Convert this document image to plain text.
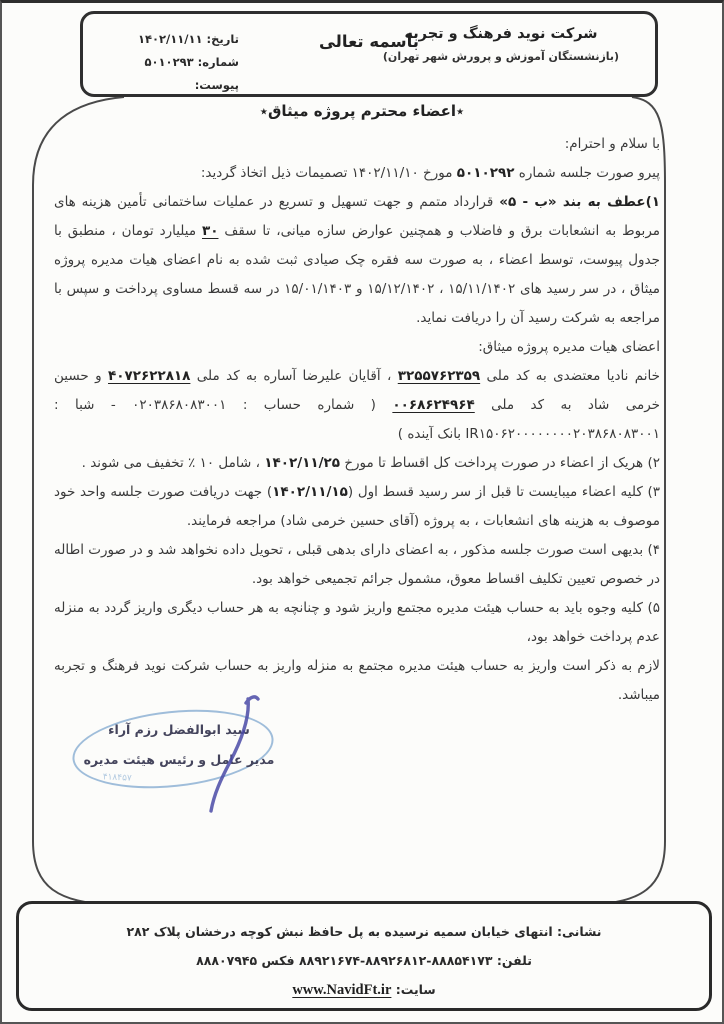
شرکت نوید فرهنگ و تجربه
(بازنشستگان آموزش و پرورش شهر تهران)
باسمه تعالی
تاریخ: ۱۴۰۲/۱۱/۱۱
شماره: ۵۰۱۰۲۹۳
پیوست:
٭اعضاء محترم پروژه میثاق٭

با سلام و احترام:

پیرو صورت جلسه شماره ۵۰۱۰۲۹۲ مورخ ۱۴۰۲/۱۱/۱۰ تصمیمات ذیل اتخاذ گردید:

۱)عطف به بند «ب - ۵» قرارداد متمم و جهت تسهیل و تسریع در عملیات ساختمانی تأمین هزینه های مربوط به انشعابات برق و فاضلاب و همچنین عوارض سازه میانی، تا سقف ۳۰ میلیارد تومان ، منطبق با جدول پیوست، توسط اعضاء ، به صورت سه فقره چک صیادی ثبت شده به نام اعضای هیات مدیره پروژه میثاق ، در سر رسید های ۱۵/۱۱/۱۴۰۲ ، ۱۵/۱۲/۱۴۰۲ و ۱۵/۰۱/۱۴۰۳ در سه قسط مساوی پرداخت و سپس با مراجعه به شرکت رسید آن را دریافت نماید.

اعضای هیات مدیره پروژه میثاق:

خانم نادیا معتضدی به کد ملی ۳۲۵۵۷۶۲۳۵۹ ، آقایان علیرضا آساره به کد ملی ۴۰۷۲۶۲۲۸۱۸ و حسین خرمی شاد به کد ملی ۰۰۶۸۶۲۴۹۶۴ ( شماره حساب : ۰۲۰۳۸۶۸۰۸۳۰۰۱ - شبا : IR۱۵۰۶۲۰۰۰۰۰۰۰۰۲۰۳۸۶۸۰۸۳۰۰۱ بانک آینده )

۲) هریک از اعضاء در صورت پرداخت کل اقساط تا مورخ ۱۴۰۲/۱۱/۲۵ ، شامل ۱۰ ٪ تخفیف می شوند .

۳) کلیه اعضاء میبایست تا قبل از سر رسید قسط اول (۱۴۰۲/۱۱/۱۵) جهت دریافت صورت جلسه واحد خود موصوف به هزینه های انشعابات ، به پروژه (آقای حسین خرمی شاد) مراجعه فرمایند.

۴) بدیهی است صورت جلسه مذکور ، به اعضای دارای بدهی قبلی ، تحویل داده نخواهد شد و در صورت اطاله در خصوص تعیین تکلیف اقساط معوق، مشمول جرائم تجمیعی خواهد بود.

۵) کلیه وجوه باید به حساب هیئت مدیره مجتمع واریز شود و چنانچه به هر حساب دیگری واریز گردد به منزله عدم پرداخت خواهد بود،

لازم به ذکر است واریز به حساب هیئت مدیره مجتمع به منزله واریز به حساب شرکت نوید فرهنگ و تجربه میباشد.

۴۱۸۴۵۷
سید ابوالفضل رزم آراء
مدیر عامل و رئیس هیئت مدیره
نشانی: انتهای خیابان سمیه نرسیده به پل حافظ نبش کوچه درخشان پلاک ۲۸۲
تلفن: ۸۸۸۵۴۱۷۳-۸۸۹۲۶۸۱۲-۸۸۹۲۱۶۷۴ فکس ۸۸۸۰۷۹۴۵
سایت: www.NavidFt.ir
